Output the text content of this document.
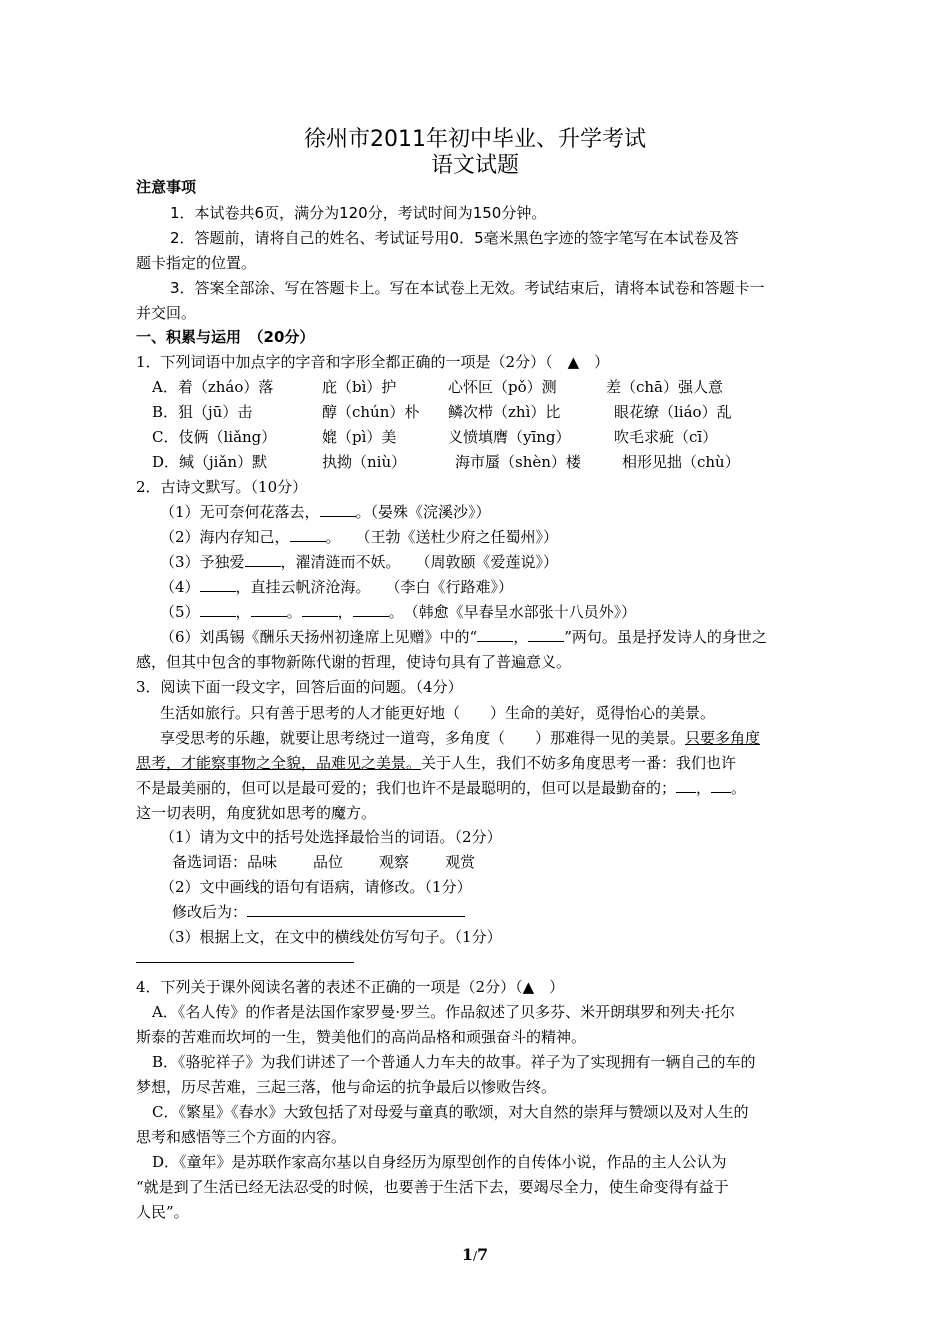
徐州市2011年初中毕业、升学考试
语文试题
注意事项
1．本试卷共6页，满分为120分，考试时间为150分钟。
2．答题前，请将自己的姓名、考试证号用0．5毫米黑色字迹的签字笔写在本试卷及答
题卡指定的位置。
3．答案全部涂、写在答题卡上。写在本试卷上无效。考试结束后，请将本试卷和答题卡一
并交回。
一、积累与运用　（20分）
1．下列词语中加点字的字音和字形全都正确的一项是（2分）（　▲　）
A．着（zháo）落	庇（bì）护	心怀叵（pǒ）测	差（chā）强人意
B．狙（jū）击	醇（chún）朴 鳞次栉（zhì）比	眼花缭（liáo）乱
C．伎俩（liǎng）	媲（pì）美	义愤填膺（yīng）	吹毛求疵（cī）
D．缄（jiǎn）默	执拗（niù）	海市蜃（shèn）楼	相形见拙（chù）
2．古诗文默写。（10分）
（1）无可奈何花落去， 。（晏殊《浣溪沙》）
（2）海内存知己， 。　　（王勃《送杜少府之任蜀州》）
（3）予独爱 ，濯清涟而不妖。　　（周敦颐《爱莲说》）
（4） ，直挂云帆济沧海。　　（李白《行路难》）
（5） ， 。 ， 。　（韩愈《早春呈水部张十八员外》）
（6）刘禹锡《酬乐天扬州初逢席上见赠》中的“ ， ”两句。虽是抒发诗人的身世之
感，但其中包含的事物新陈代谢的哲理，使诗句具有了普遍意义。
3．阅读下面一段文字，回答后面的问题。（4分）
生活如旅行。只有善于思考的人才能更好地（　　）生命的美好，觅得怡心的美景。
享受思考的乐趣，就要让思考绕过一道弯，多角度（　　）那难得一见的美景。只要多角度
思考，才能察事物之全貌，品难见之美景。关于人生，我们不妨多角度思考一番：我们也许
不是最美丽的，但可以是最可爱的；我们也许不是最聪明的，但可以是最勤奋的； ， 。
这一切表明，角度犹如思考的魔方。
（1）请为文中的括号处选择最恰当的词语。（2分）
备选词语：品味 品位 观察 观赏
（2）文中画线的语句有语病，请修改。（1分）
修改后为：
（3）根据上文，在文中的横线处仿写句子。（1分）
4．下列关于课外阅读名著的表述不正确的一项是（2分）（▲　）
A．《名人传》的作者是法国作家罗曼·罗兰。作品叙述了贝多芬、米开朗琪罗和列夫·托尔
斯泰的苦难而坎坷的一生，赞美他们的高尚品格和顽强奋斗的精神。
B．《骆驼祥子》为我们讲述了一个普通人力车夫的故事。祥子为了实现拥有一辆自己的车的
梦想，历尽苦难，三起三落，他与命运的抗争最后以惨败告终。
C．《繁星》《春水》大致包括了对母爱与童真的歌颂，对大自然的崇拜与赞颂以及对人生的
思考和感悟等三个方面的内容。
D．《童年》是苏联作家高尔基以自身经历为原型创作的自传体小说，作品的主人公认为
“就是到了生活已经无法忍受的时候，也要善于生活下去，要竭尽全力，使生命变得有益于
人民”。
1/7
